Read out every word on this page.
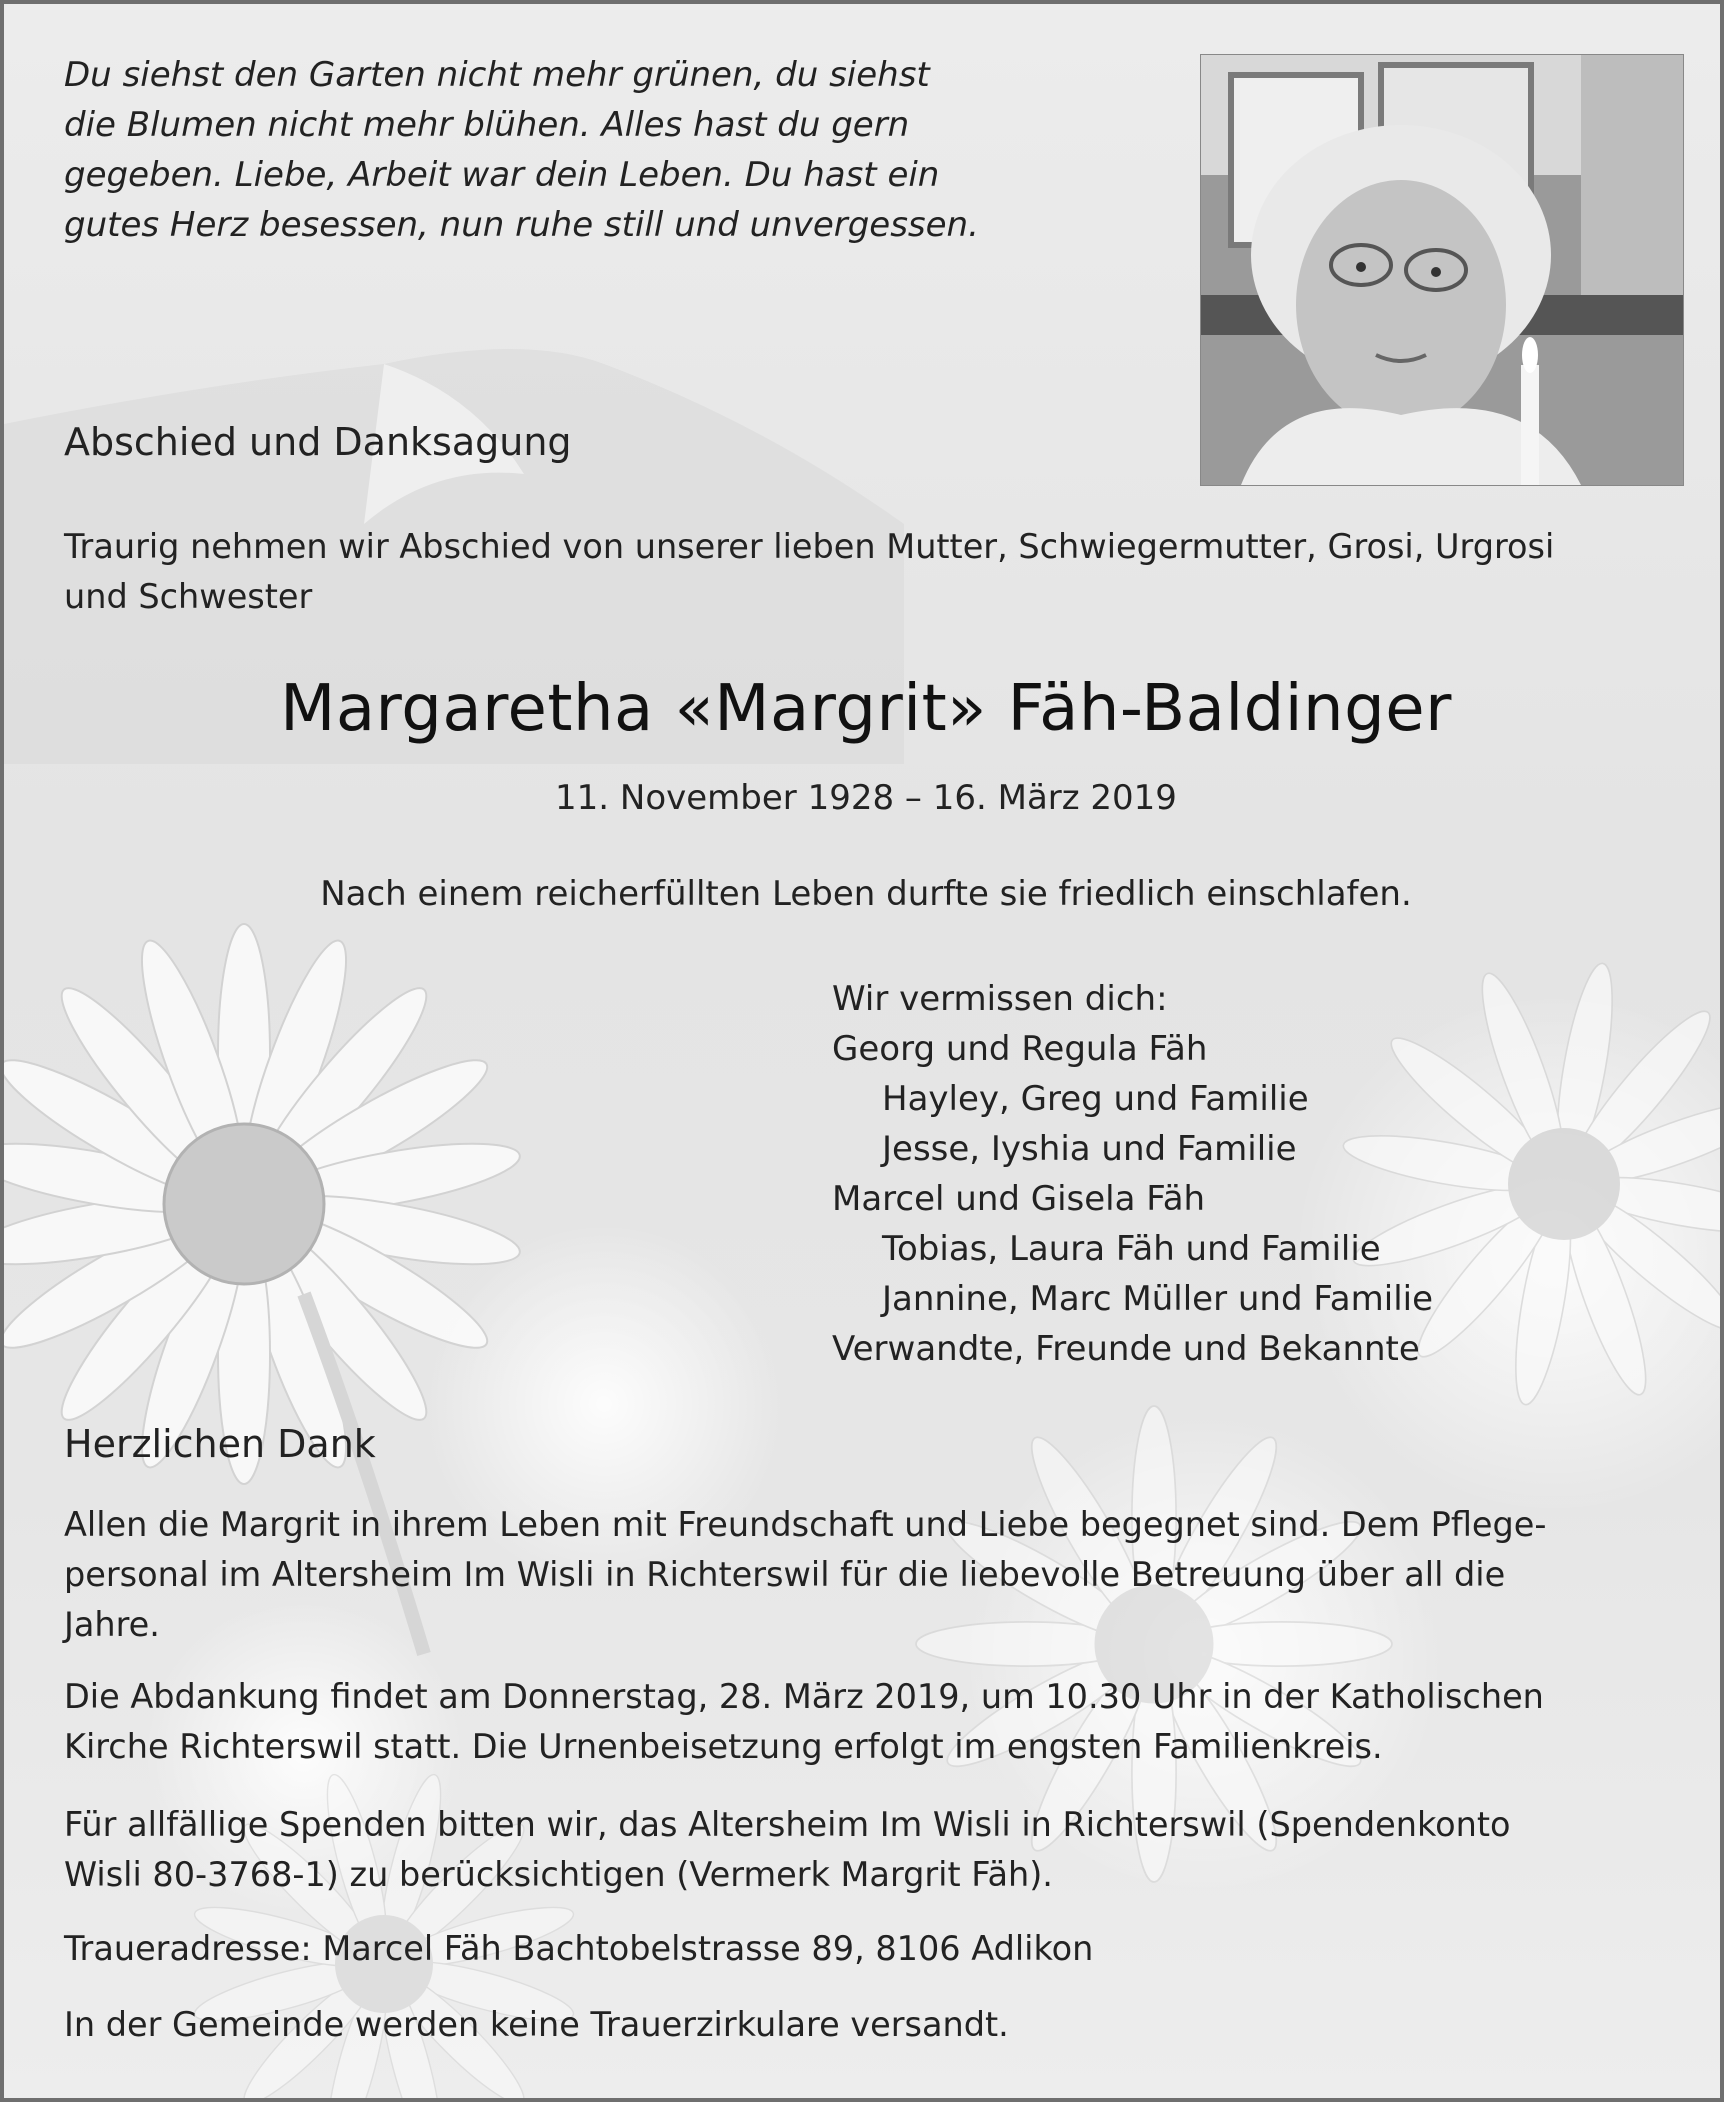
Du siehst den Garten nicht mehr grünen, du siehst
die Blumen nicht mehr blühen. Alles hast du gern
gegeben. Liebe, Arbeit war dein Leben. Du hast ein
gutes Herz besessen, nun ruhe still und unvergessen.
Abschied und Danksagung
Traurig nehmen wir Abschied von unserer lieben Mutter, Schwiegermutter, Grosi, Urgrosi
und Schwester
Margaretha «Margrit» Fäh-Baldinger
11. November 1928 – 16. März 2019
Nach einem reicherfüllten Leben durfte sie friedlich einschlafen.
Wir vermissen dich:
Georg und Regula Fäh
Hayley, Greg und Familie
Jesse, Iyshia und Familie
Marcel und Gisela Fäh
Tobias, Laura Fäh und Familie
Jannine, Marc Müller und Familie
Verwandte, Freunde und Bekannte
Herzlichen Dank
Allen die Margrit in ihrem Leben mit Freundschaft und Liebe begegnet sind. Dem Pflege-
personal im Altersheim Im Wisli in Richterswil für die liebevolle Betreuung über all die
Jahre.
Die Abdankung findet am Donnerstag, 28. März 2019, um 10.30 Uhr in der Katholischen
Kirche Richterswil statt. Die Urnenbeisetzung erfolgt im engsten Familienkreis.
Für allfällige Spenden bitten wir, das Altersheim Im Wisli in Richterswil (Spendenkonto
Wisli 80-3768-1) zu berücksichtigen (Vermerk Margrit Fäh).
Traueradresse: Marcel Fäh Bachtobelstrasse 89, 8106 Adlikon
In der Gemeinde werden keine Trauerzirkulare versandt.
